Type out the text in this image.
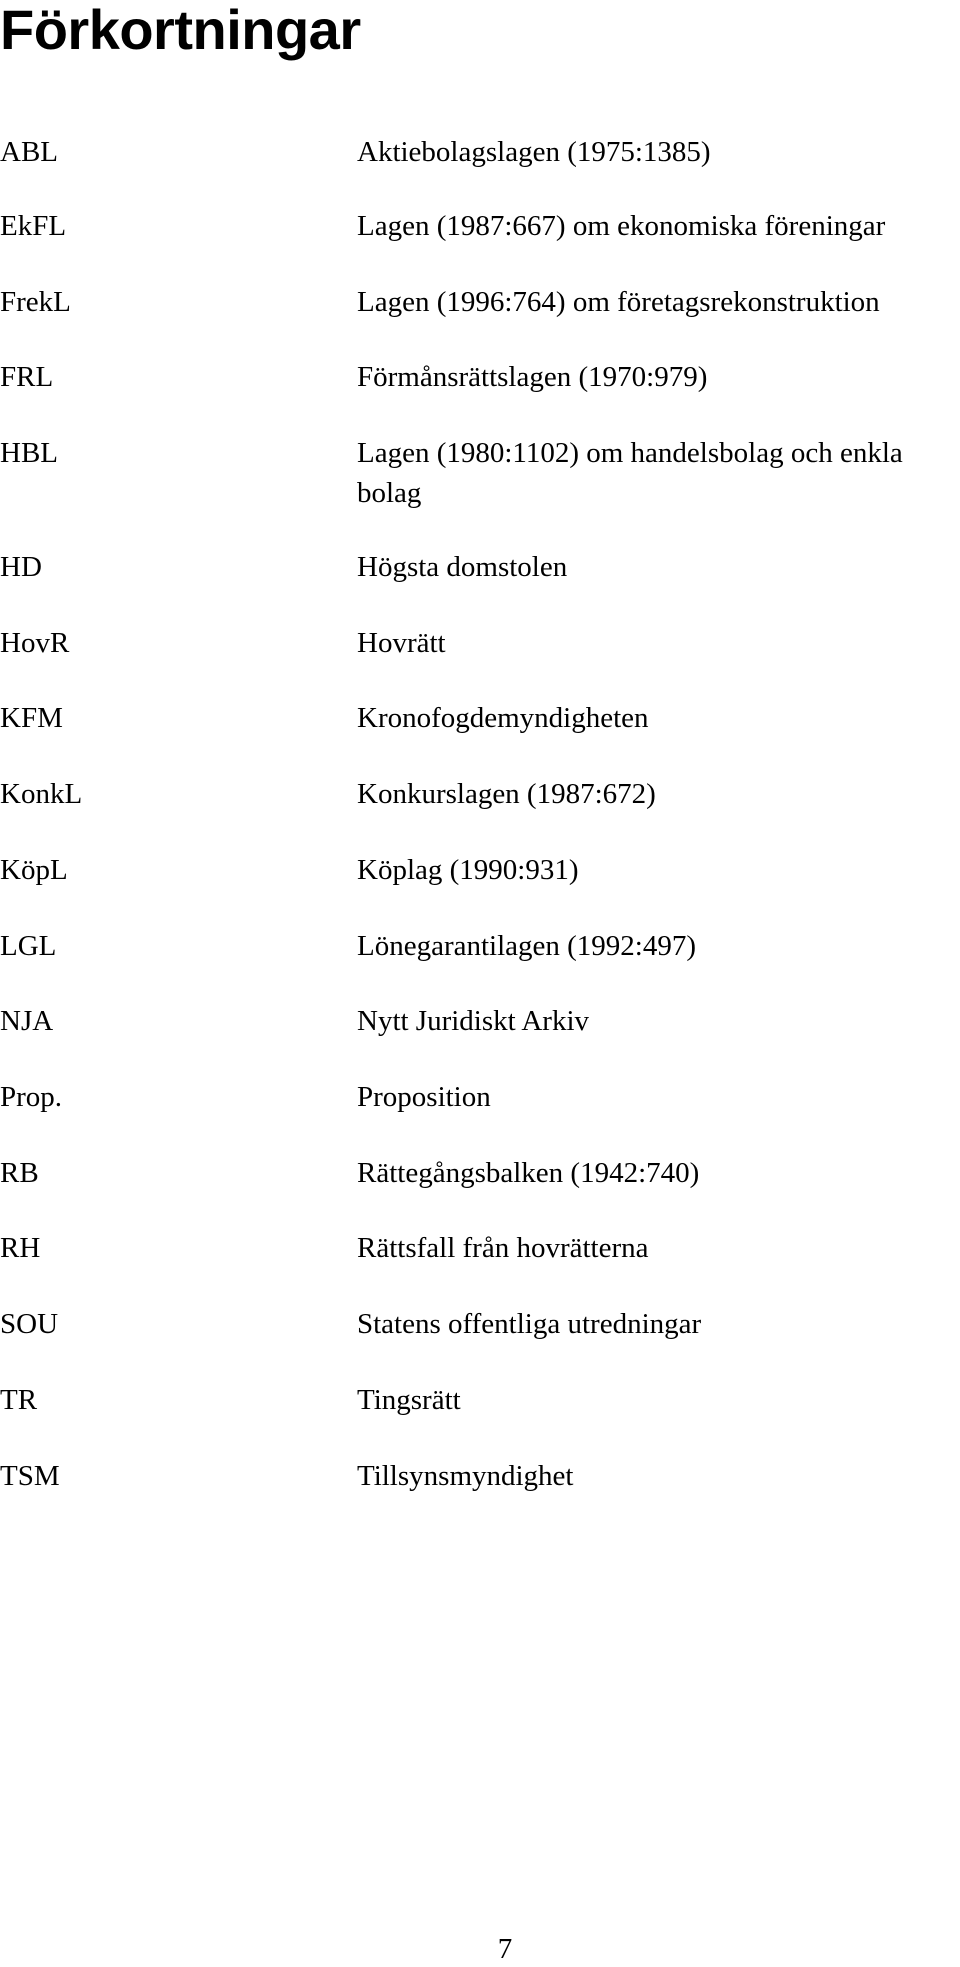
Förkortningar
ABL	Aktiebolagslagen (1975:1385)
EkFL	Lagen (1987:667) om ekonomiska föreningar
FrekL	Lagen (1996:764) om företagsrekonstruktion
FRL	Förmånsrättslagen (1970:979)
HBL	Lagen (1980:1102) om handelsbolag och enkla bolag
HD	Högsta domstolen
HovR	Hovrätt
KFM	Kronofogdemyndigheten
KonkL	Konkurslagen (1987:672)
KöpL	Köplag (1990:931)
LGL	Lönegarantilagen (1992:497)
NJA	Nytt Juridiskt Arkiv
Prop.	Proposition
RB	Rättegångsbalken (1942:740)
RH	Rättsfall från hovrätterna
SOU	Statens offentliga utredningar
TR	Tingsrätt
TSM	Tillsynsmyndighet
7
